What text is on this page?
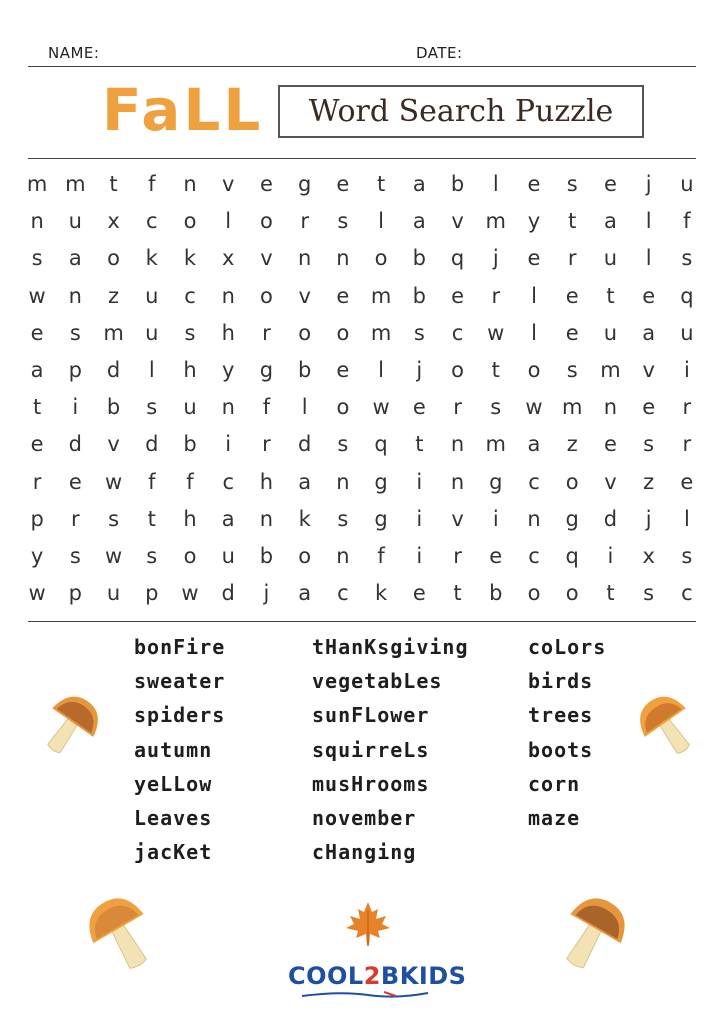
NAME:	DATE:
FaLL Word Search Puzzle
m m	t	f	n	v	e	g	e	t	a	b	l	e	s	e	j	u
n	u	x	c	o	l	o	r	s	l	a	v	m	y	t	a	l	f
s	a	o	k	k	x	v	n	n	o	b	q	j	e	r	u	l	s
w	n	z	u	c	n	o	v	e	m	b	e	r	l	e	t	e	q
e	s	m	u	s	h	r	o	o	m	s	c	w	l	e	u	a	u
a	p	d	l	h	y	g	b	e	l	j	o	t	o	s	m	v	i
t	i	b	s	u	n	f	l	o	w	e	r	s	w m	n	e	r
e	d	v	d	b	i	r	d	s	q	t	n	m	a	z	e	s	r
r	e	w	f	f	c	h	a	n	g	i	n	g	c	o	v	z	e
p	r	s	t	h	a	n	k	s	g	i	v	i	n	g	d	j	l
y	s	w	s	o	u	b	o	n	f	i	r	e	c	q	i	x	s
w	p	u	p	w	d	j	a	c	k	e	t	b	o	o	t	s	c
bonFire
sweater
spiders
autumn
yeLLow
Leaves
jacKet
tHanKsgiving
vegetabLes
sunFLower
squirreLs
musHrooms
november
cHanging
coLors
birds
trees
boots
corn
maze
COOL2BKIDS
